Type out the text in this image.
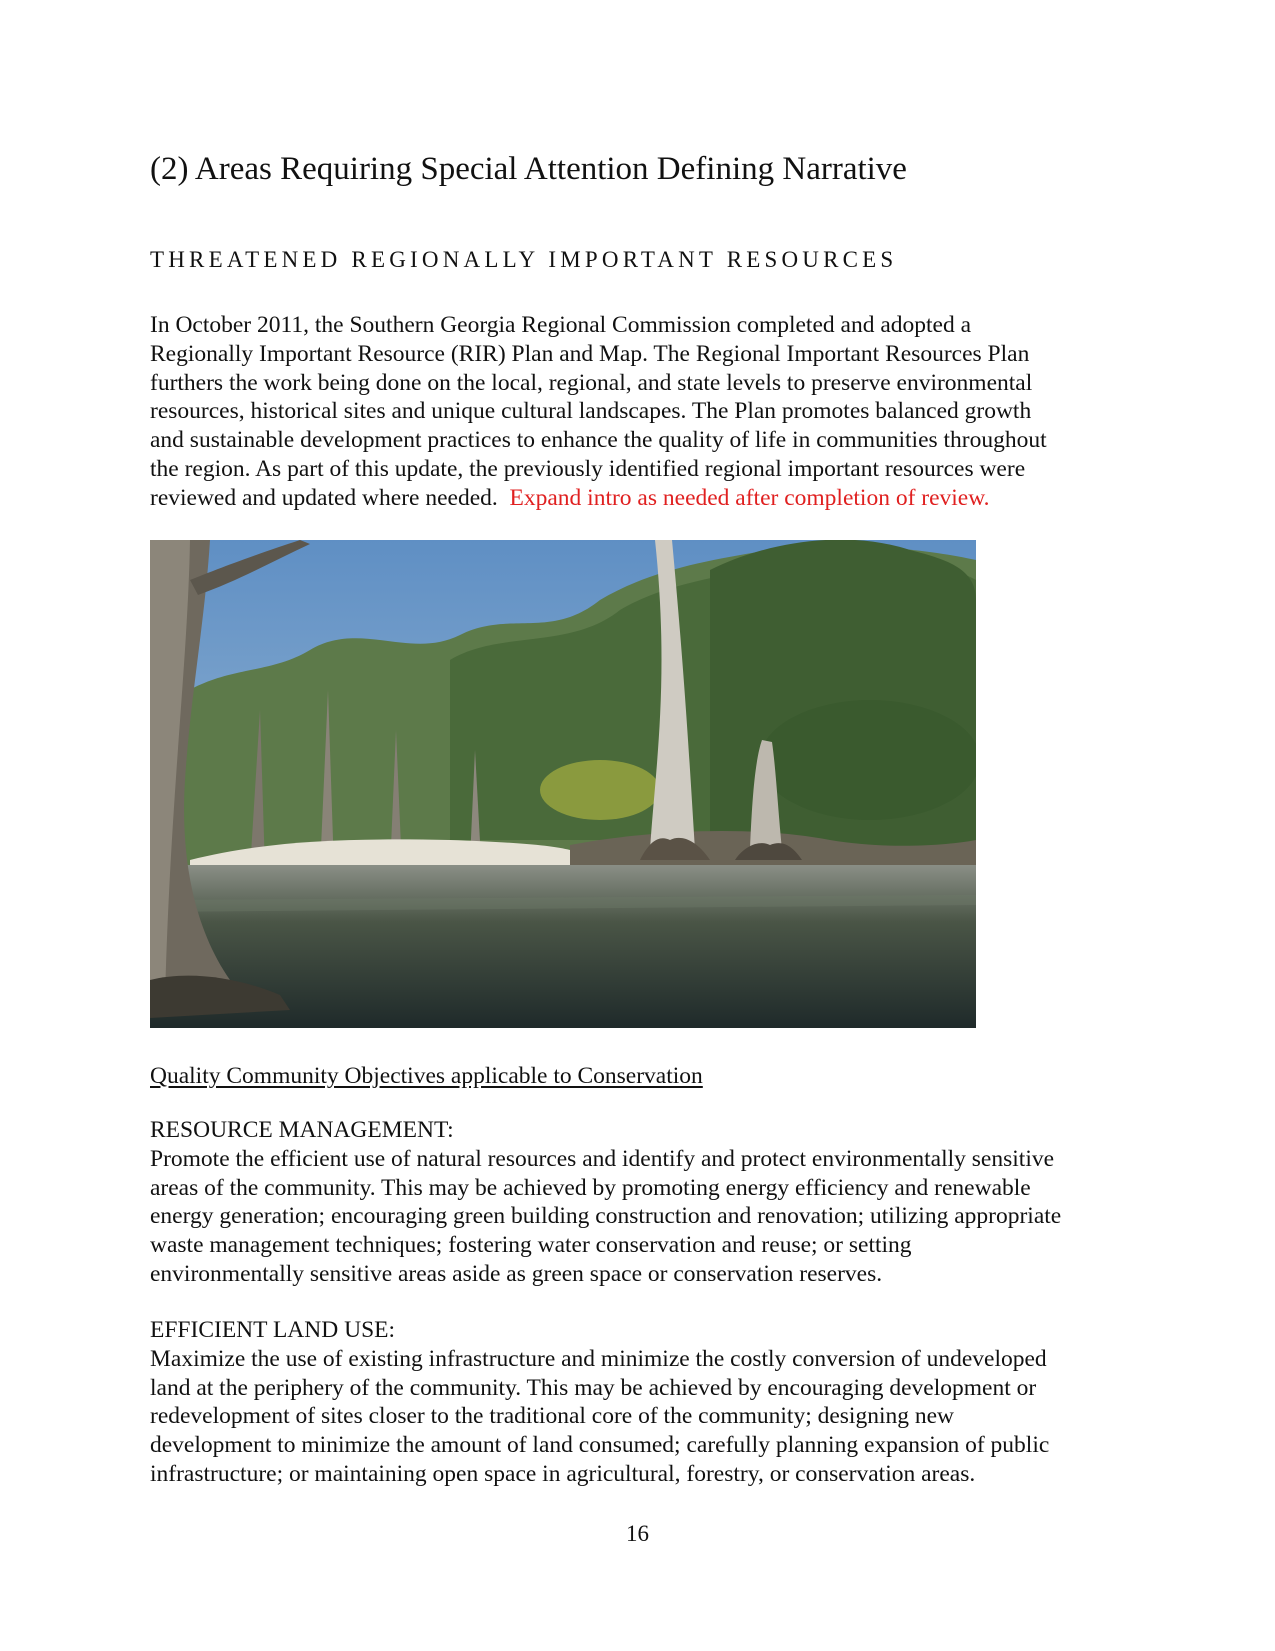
(2) Areas Requiring Special Attention Defining Narrative
THREATENED REGIONALLY IMPORTANT RESOURCES
In October 2011, the Southern Georgia Regional Commission completed and adopted a
Regionally Important Resource (RIR) Plan and Map. The Regional Important Resources Plan
furthers the work being done on the local, regional, and state levels to preserve environmental
resources, historical sites and unique cultural landscapes. The Plan promotes balanced growth
and sustainable development practices to enhance the quality of life in communities throughout
the region. As part of this update, the previously identified regional important resources were
reviewed and updated where needed.  Expand intro as needed after completion of review.
Quality Community Objectives applicable to Conservation
RESOURCE MANAGEMENT:
Promote the efficient use of natural resources and identify and protect environmentally sensitive
areas of the community. This may be achieved by promoting energy efficiency and renewable
energy generation; encouraging green building construction and renovation; utilizing appropriate
waste management techniques; fostering water conservation and reuse; or setting
environmentally sensitive areas aside as green space or conservation reserves.
EFFICIENT LAND USE:
Maximize the use of existing infrastructure and minimize the costly conversion of undeveloped
land at the periphery of the community. This may be achieved by encouraging development or
redevelopment of sites closer to the traditional core of the community; designing new
development to minimize the amount of land consumed; carefully planning expansion of public
infrastructure; or maintaining open space in agricultural, forestry, or conservation areas.
16
